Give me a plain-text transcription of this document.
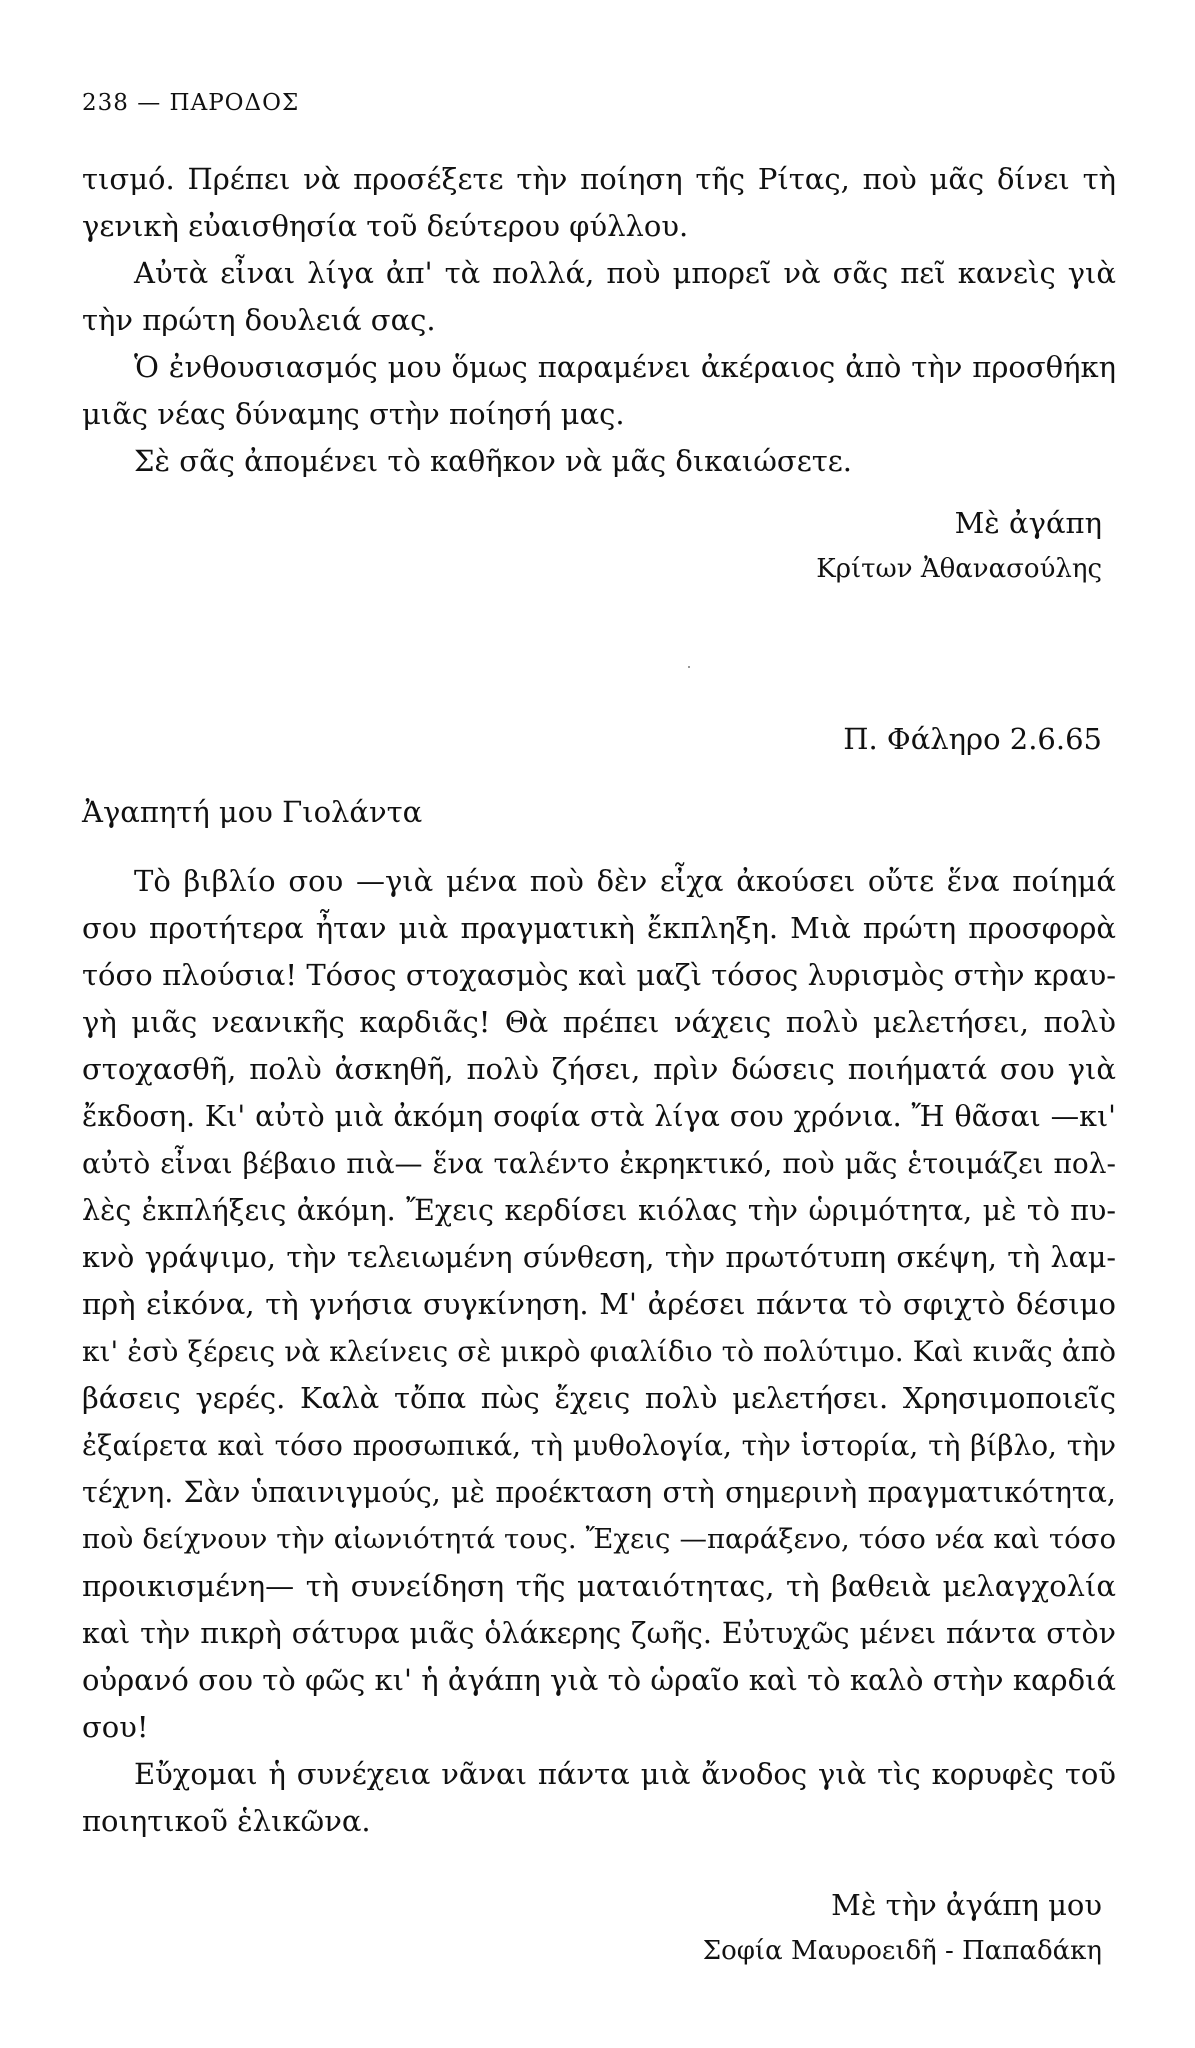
238 — ΠΑΡΟΔΟΣ
τισμό. Πρέπει νὰ προσέξετε τὴν ποίηση τῆς Ρίτας, ποὺ μᾶς δίνει τὴ
γενικὴ εὐαισθησία τοῦ δεύτερου φύλλου.
Αὐτὰ εἶναι λίγα ἀπ' τὰ πολλά, ποὺ μπορεῖ νὰ σᾶς πεῖ κανεὶς γιὰ
τὴν πρώτη δουλειά σας.
Ὁ ἐνθουσιασμός μου ὅμως παραμένει ἀκέραιος ἀπὸ τὴν προσθήκη
μιᾶς νέας δύναμης στὴν ποίησή μας.
Σὲ σᾶς ἀπομένει τὸ καθῆκον νὰ μᾶς δικαιώσετε.
Μὲ ἀγάπη
Κρίτων Ἀθανασούλης
Π. Φάληρο 2.6.65
Ἀγαπητή μου Γιολάντα
Τὸ βιβλίο σου —γιὰ μένα ποὺ δὲν εἶχα ἀκούσει οὔτε ἕνα ποίημά
σου προτήτερα ἦταν μιὰ πραγματικὴ ἔκπληξη. Μιὰ πρώτη προσφορὰ
τόσο πλούσια! Τόσος στοχασμὸς καὶ μαζὶ τόσος λυρισμὸς στὴν κραυ-
γὴ μιᾶς νεανικῆς καρδιᾶς! Θὰ πρέπει νάχεις πολὺ μελετήσει, πολὺ
στοχασθῆ, πολὺ ἀσκηθῆ, πολὺ ζήσει, πρὶν δώσεις ποιήματά σου γιὰ
ἔκδοση. Κι' αὐτὸ μιὰ ἀκόμη σοφία στὰ λίγα σου χρόνια. Ἤ θᾶσαι —κι'
αὐτὸ εἶναι βέβαιο πιὰ— ἕνα ταλέντο ἐκρηκτικό, ποὺ μᾶς ἑτοιμάζει πολ-
λὲς ἐκπλήξεις ἀκόμη. Ἔχεις κερδίσει κιόλας τὴν ὡριμότητα, μὲ τὸ πυ-
κνὸ γράψιμο, τὴν τελειωμένη σύνθεση, τὴν πρωτότυπη σκέψη, τὴ λαμ-
πρὴ εἰκόνα, τὴ γνήσια συγκίνηση. Μ' ἀρέσει πάντα τὸ σφιχτὸ δέσιμο
κι' ἐσὺ ξέρεις νὰ κλείνεις σὲ μικρὸ φιαλίδιο τὸ πολύτιμο. Καὶ κινᾶς ἀπὸ
βάσεις γερές. Καλὰ τὄπα πὼς ἔχεις πολὺ μελετήσει. Χρησιμοποιεῖς
ἐξαίρετα καὶ τόσο προσωπικά, τὴ μυθολογία, τὴν ἱστορία, τὴ βίβλο, τὴν
τέχνη. Σὰν ὑπαινιγμούς, μὲ προέκταση στὴ σημερινὴ πραγματικότητα,
ποὺ δείχνουν τὴν αἰωνιότητά τους. Ἔχεις —παράξενο, τόσο νέα καὶ τόσο
προικισμένη— τὴ συνείδηση τῆς ματαιότητας, τὴ βαθειὰ μελαγχολία
καὶ τὴν πικρὴ σάτυρα μιᾶς ὁλάκερης ζωῆς. Εὐτυχῶς μένει πάντα στὸν
οὐρανό σου τὸ φῶς κι' ἡ ἀγάπη γιὰ τὸ ὡραῖο καὶ τὸ καλὸ στὴν καρδιά
σου!
Εὔχομαι ἡ συνέχεια νᾶναι πάντα μιὰ ἄνοδος γιὰ τὶς κορυφὲς τοῦ
ποιητικοῦ ἑλικῶνα.
Μὲ τὴν ἀγάπη μου
Σοφία Μαυροειδῆ - Παπαδάκη
